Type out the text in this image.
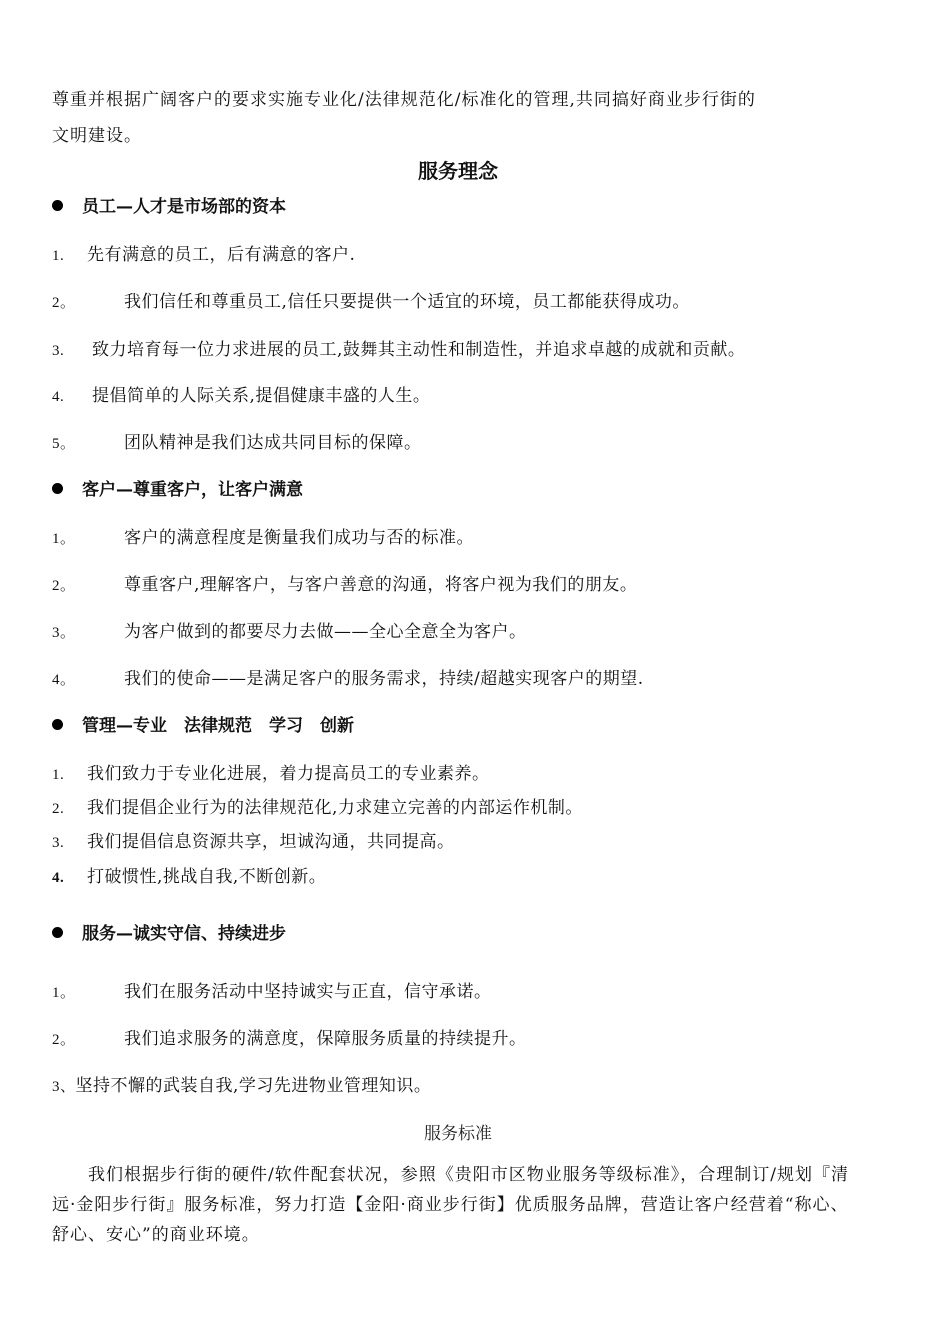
尊重并根据广阔客户的要求实施专业化/法律规范化/标准化的管理,共同搞好商业步行街的
文明建设。
服务理念
员工—人才是市场部的资本
1. 先有满意的员工，后有满意的客户.
2。	我们信任和尊重员工,信任只要提供一个适宜的环境，员工都能获得成功。
3. 致力培育每一位力求进展的员工,鼓舞其主动性和制造性，并追求卓越的成就和贡献。
4. 提倡简单的人际关系,提倡健康丰盛的人生。
5。	团队精神是我们达成共同目标的保障。
客户—尊重客户，让客户满意
1。	客户的满意程度是衡量我们成功与否的标准。
2。	尊重客户,理解客户，与客户善意的沟通，将客户视为我们的朋友。
3。	为客户做到的都要尽力去做——全心全意全为客户。
4。	我们的使命——是满足客户的服务需求，持续/超越实现客户的期望.
管理—专业　法律规范　学习　创新
1. 我们致力于专业化进展，着力提高员工的专业素养。
2. 我们提倡企业行为的法律规范化,力求建立完善的内部运作机制。
3. 我们提倡信息资源共享，坦诚沟通，共同提高。
4. 打破惯性,挑战自我,不断创新。
服务—诚实守信、持续进步
1。	我们在服务活动中坚持诚实与正直，信守承诺。
2。	我们追求服务的满意度，保障服务质量的持续提升。
3、坚持不懈的武装自我,学习先进物业管理知识。
服务标准
我们根据步行街的硬件/软件配套状况，参照《贵阳市区物业服务等级标准》，合理制订/规划『清远·金阳步行街』服务标准，努力打造【金阳·商业步行街】优质服务品牌，营造让客户经营着“称心、舒心、安心”的商业环境。
